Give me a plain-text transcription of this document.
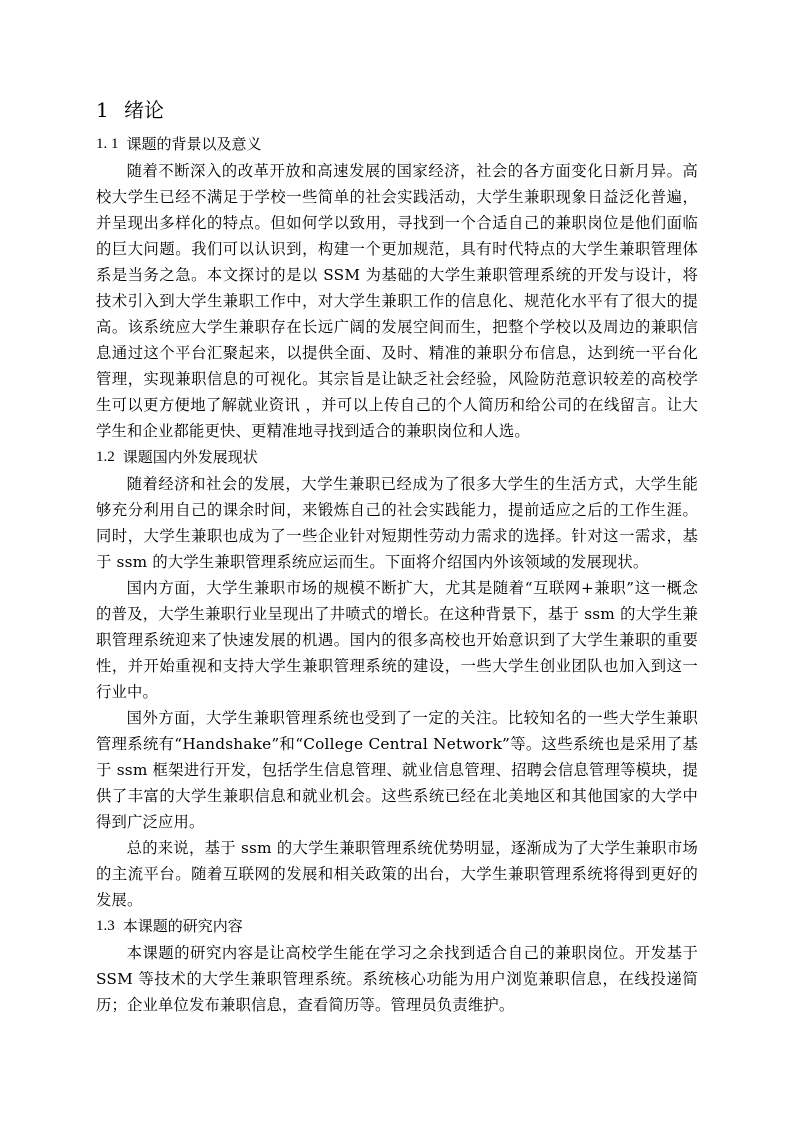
1 绪论
1. 1 课题的背景以及意义

随着不断深入的改革开放和高速发展的国家经济，社会的各方面变化日新月异。高校大学生已经不满足于学校一些简单的社会实践活动，大学生兼职现象日益泛化普遍，并呈现出多样化的特点。但如何学以致用，寻找到一个合适自己的兼职岗位是他们面临的巨大问题。我们可以认识到，构建一个更加规范，具有时代特点的大学生兼职管理体系是当务之急。本文探讨的是以 SSM 为基础的大学生兼职管理系统的开发与设计，将技术引入到大学生兼职工作中，对大学生兼职工作的信息化、规范化水平有了很大的提高。该系统应大学生兼职存在长远广阔的发展空间而生，把整个学校以及周边的兼职信息通过这个平台汇聚起来，以提供全面、及时、精准的兼职分布信息，达到统一平台化管理，实现兼职信息的可视化。其宗旨是让缺乏社会经验，风险防范意识较差的高校学生可以更方便地了解就业资讯 ，并可以上传自己的个人简历和给公司的在线留言。让大学生和企业都能更快、更精准地寻找到适合的兼职岗位和人选。

1.2 课题国内外发展现状

随着经济和社会的发展，大学生兼职已经成为了很多大学生的生活方式，大学生能够充分利用自己的课余时间，来锻炼自己的社会实践能力，提前适应之后的工作生涯。同时，大学生兼职也成为了一些企业针对短期性劳动力需求的选择。针对这一需求，基于 ssm 的大学生兼职管理系统应运而生。下面将介绍国内外该领域的发展现状。

国内方面，大学生兼职市场的规模不断扩大，尤其是随着“互联网+兼职”这一概念的普及，大学生兼职行业呈现出了井喷式的增长。在这种背景下，基于 ssm 的大学生兼职管理系统迎来了快速发展的机遇。国内的很多高校也开始意识到了大学生兼职的重要性，并开始重视和支持大学生兼职管理系统的建设，一些大学生创业团队也加入到这一行业中。

国外方面，大学生兼职管理系统也受到了一定的关注。比较知名的一些大学生兼职管理系统有“Handshake”和“College Central Network”等。这些系统也是采用了基于 ssm 框架进行开发，包括学生信息管理、就业信息管理、招聘会信息管理等模块，提供了丰富的大学生兼职信息和就业机会。这些系统已经在北美地区和其他国家的大学中得到广泛应用。

总的来说，基于 ssm 的大学生兼职管理系统优势明显，逐渐成为了大学生兼职市场的主流平台。随着互联网的发展和相关政策的出台，大学生兼职管理系统将得到更好的发展。

1.3 本课题的研究内容

本课题的研究内容是让高校学生能在学习之余找到适合自己的兼职岗位。开发基于 SSM 等技术的大学生兼职管理系统。系统核心功能为用户浏览兼职信息，在线投递简历；企业单位发布兼职信息，查看简历等。管理员负责维护。
